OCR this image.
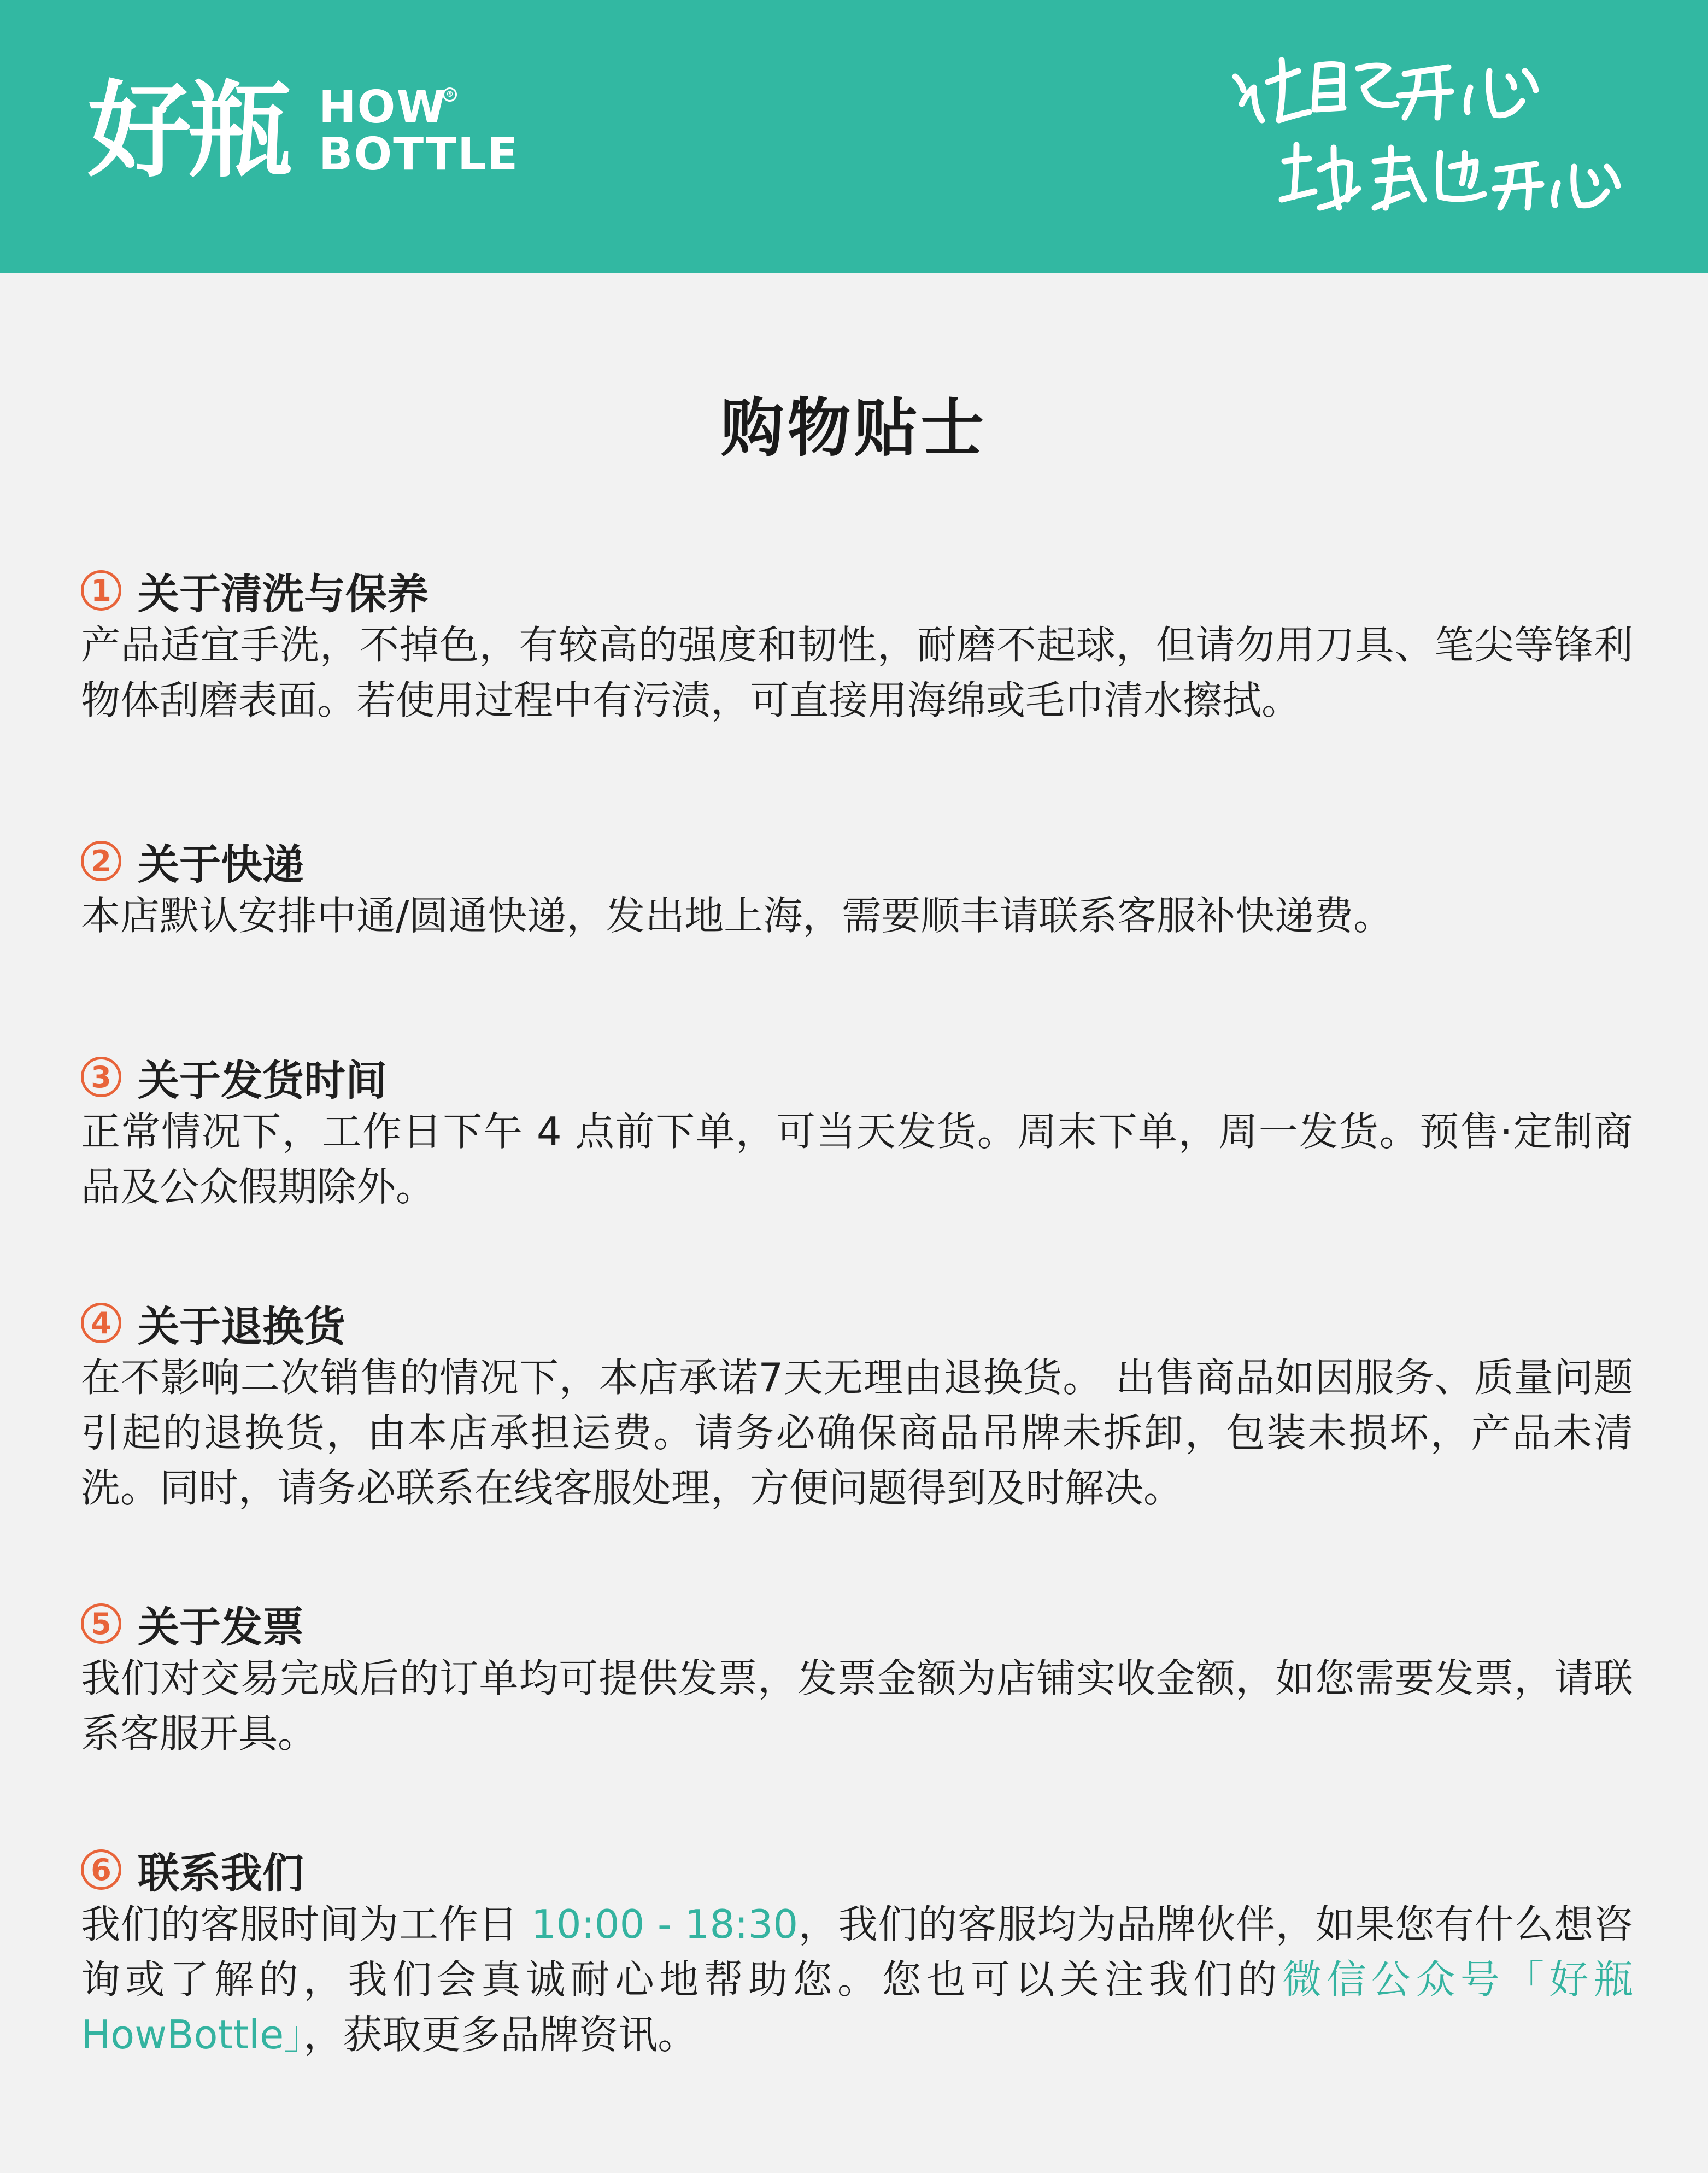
好瓶 HOW
BOTTLE
®
购物贴士
1 关于清洗与保养

产品适宜手洗，不掉色，有较高的强度和韧性，耐磨不起球，但请勿用刀具、笔尖等锋利物体刮磨表面。若使用过程中有污渍，可直接用海绵或毛巾清水擦拭。

2 关于快递

本店默认安排中通/圆通快递，发出地上海，需要顺丰请联系客服补快递费。

3 关于发货时间

正常情况下，工作日下午 4 点前下单，可当天发货。周末下单，周一发货。预售·定制商品及公众假期除外。

4 关于退换货

在不影响二次销售的情况下，本店承诺7天无理由退换货。 出售商品如因服务、质量问题引起的退换货，由本店承担运费。请务必确保商品吊牌未拆卸，包装未损坏，产品未清洗。同时，请务必联系在线客服处理，方便问题得到及时解决。

5 关于发票

我们对交易完成后的订单均可提供发票，发票金额为店铺实收金额，如您需要发票，请联系客服开具。

6 联系我们

我们的客服时间为工作日 10:00 - 18:30，我们的客服均为品牌伙伴，如果您有什么想咨询或了解的，我们会真诚耐心地帮助您。您也可以关注我们的微信公众号「好瓶HowBottle」，获取更多品牌资讯。
